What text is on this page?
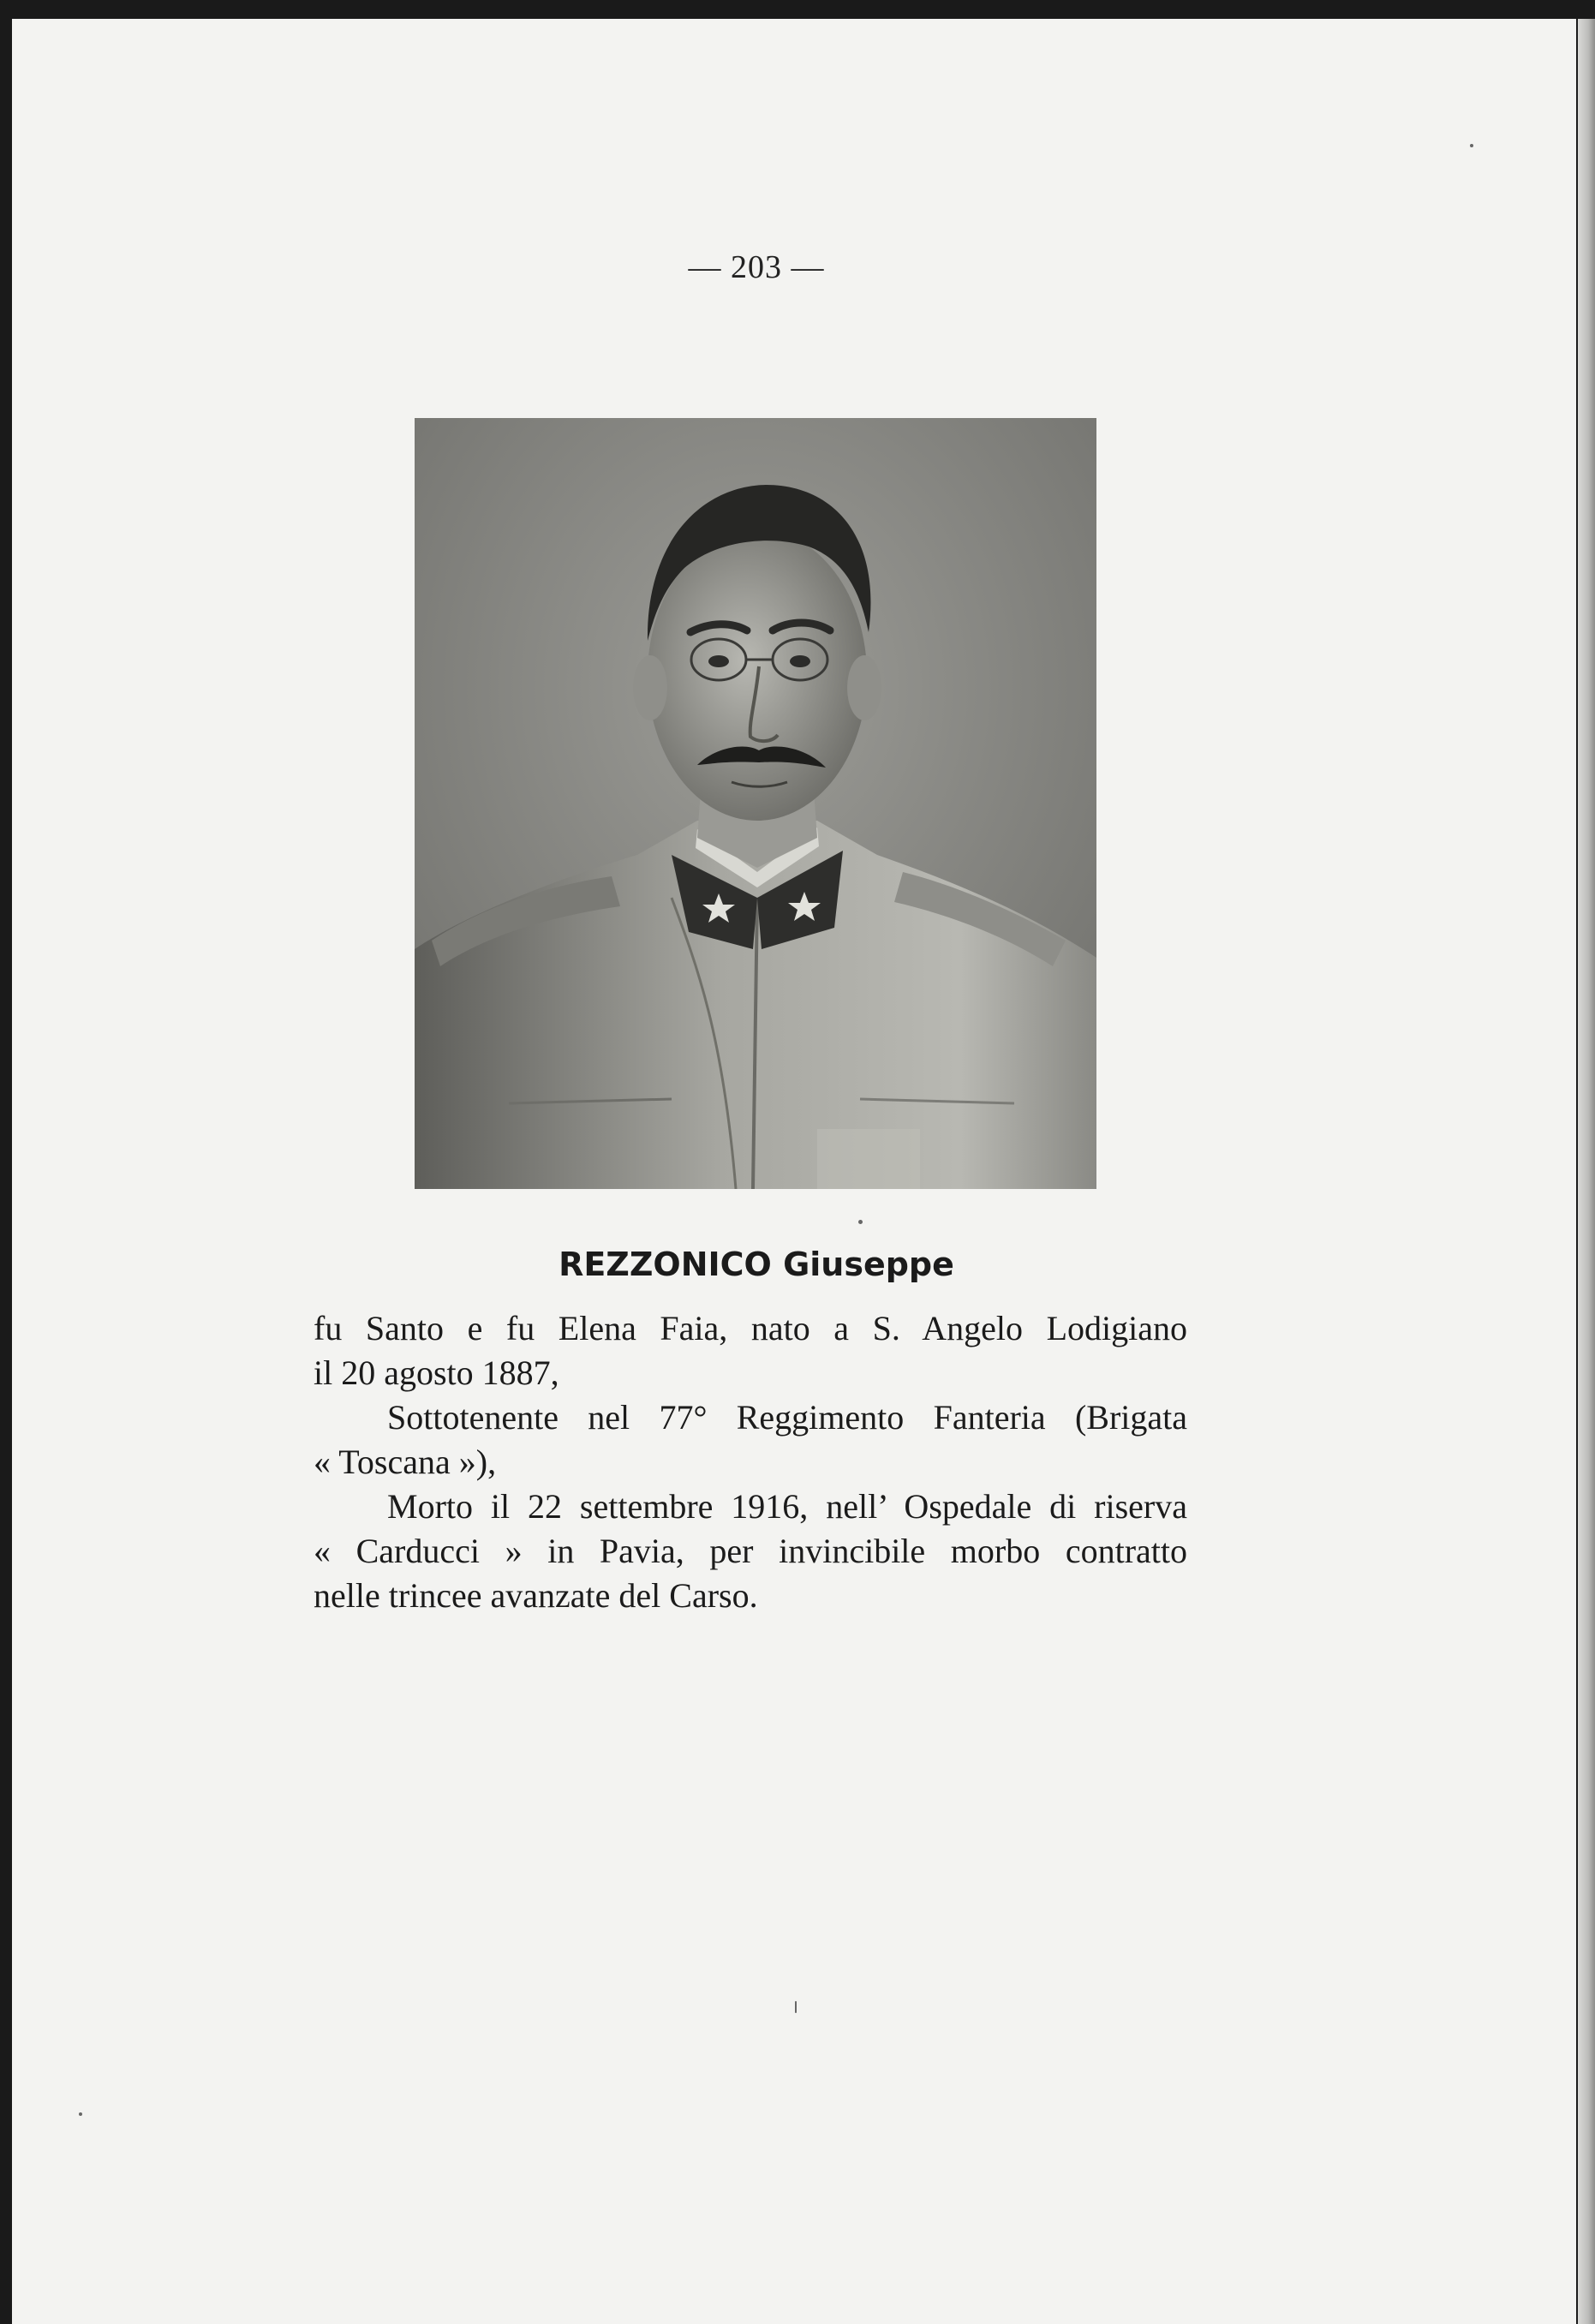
— 203 —
REZZONICO Giuseppe
fu Santo e fu Elena Faia, nato a S. Angelo Lodigiano
il 20 agosto 1887,
Sottotenente nel 77° Reggimento Fanteria (Brigata
« Toscana »),
Morto il 22 settembre 1916, nell’ Ospedale di riserva
« Carducci » in Pavia, per invincibile morbo contratto
nelle trincee avanzate del Carso.
